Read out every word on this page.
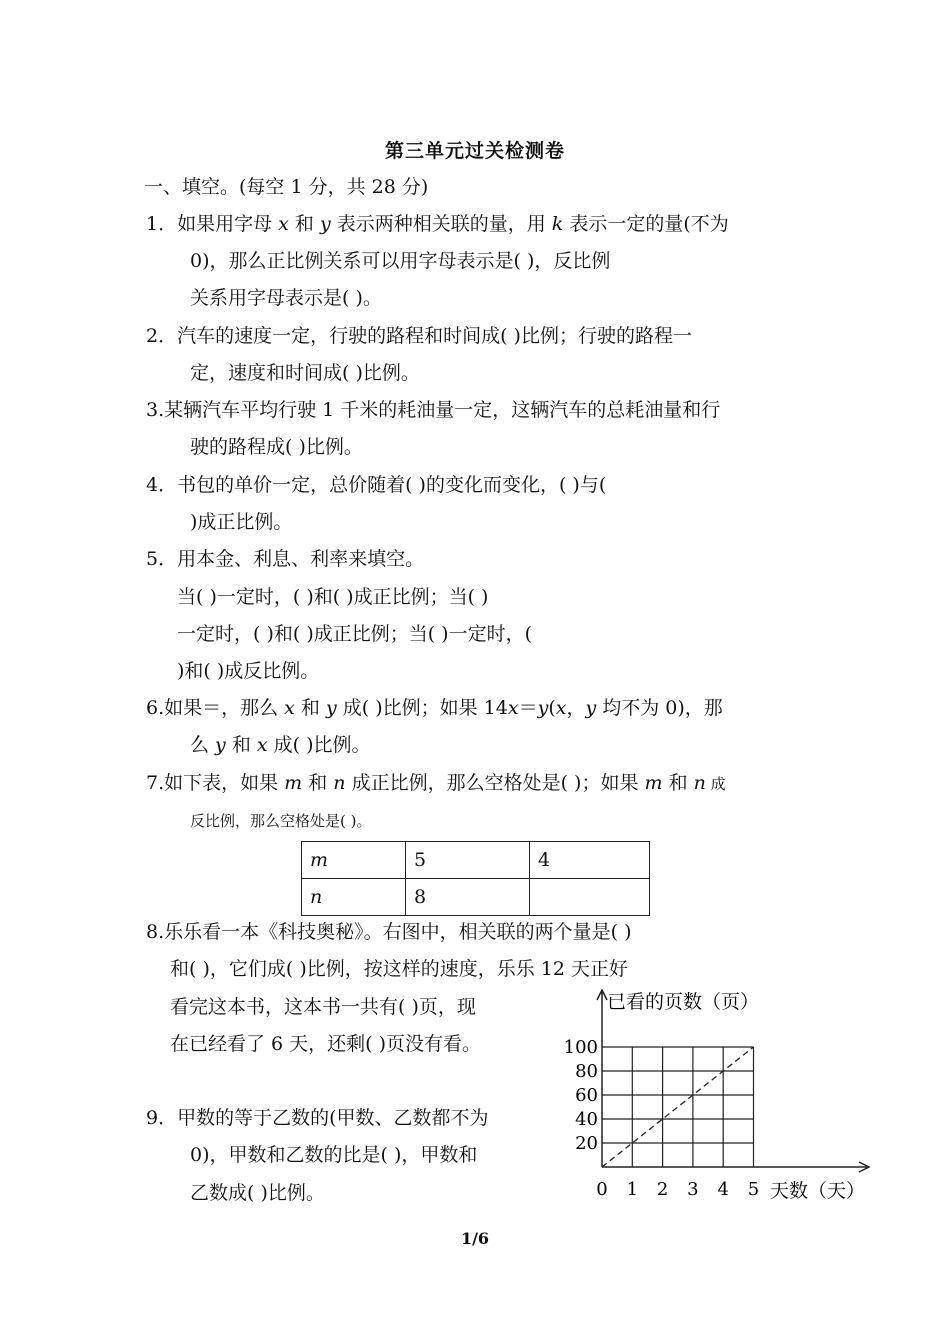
第三单元过关检测卷
一、填空。(每空 1 分，共 28 分)
1．如果用字母 x 和 y 表示两种相关联的量，用 k 表示一定的量(不为
0)，那么正比例关系可以用字母表示是( )，反比例
关系用字母表示是( )。
2．汽车的速度一定，行驶的路程和时间成( )比例；行驶的路程一
定，速度和时间成( )比例。
3.某辆汽车平均行驶 1 千米的耗油量一定，这辆汽车的总耗油量和行
驶的路程成( )比例。
4．书包的单价一定，总价随着( )的变化而变化，( )与(
)成正比例。
5．用本金、利息、利率来填空。
当( )一定时，( )和( )成正比例；当( )
一定时，( )和( )成正比例；当( )一定时，(
)和( )成反比例。
6.如果＝，那么 x 和 y 成( )比例；如果 14x＝y(x，y 均不为 0)，那
么 y 和 x 成( )比例。
7.如下表，如果 m 和 n 成正比例，那么空格处是( )；如果 m 和 n 成
反比例，那么空格处是( )。
m	5	4
n	8	
8.乐乐看一本《科技奥秘》。右图中，相关联的两个量是( )
和( )，它们成( )比例，按这样的速度，乐乐 12 天正好
看完这本书，这本书一共有( )页，现
在已经看了 6 天，还剩( )页没有看。
9．甲数的等于乙数的(甲数、乙数都不为
0)，甲数和乙数的比是( )，甲数和
乙数成( )比例。	0 1 2 3 4 5
20
40
60
80
100
已看的页数（页）
天数（天）
1/6
